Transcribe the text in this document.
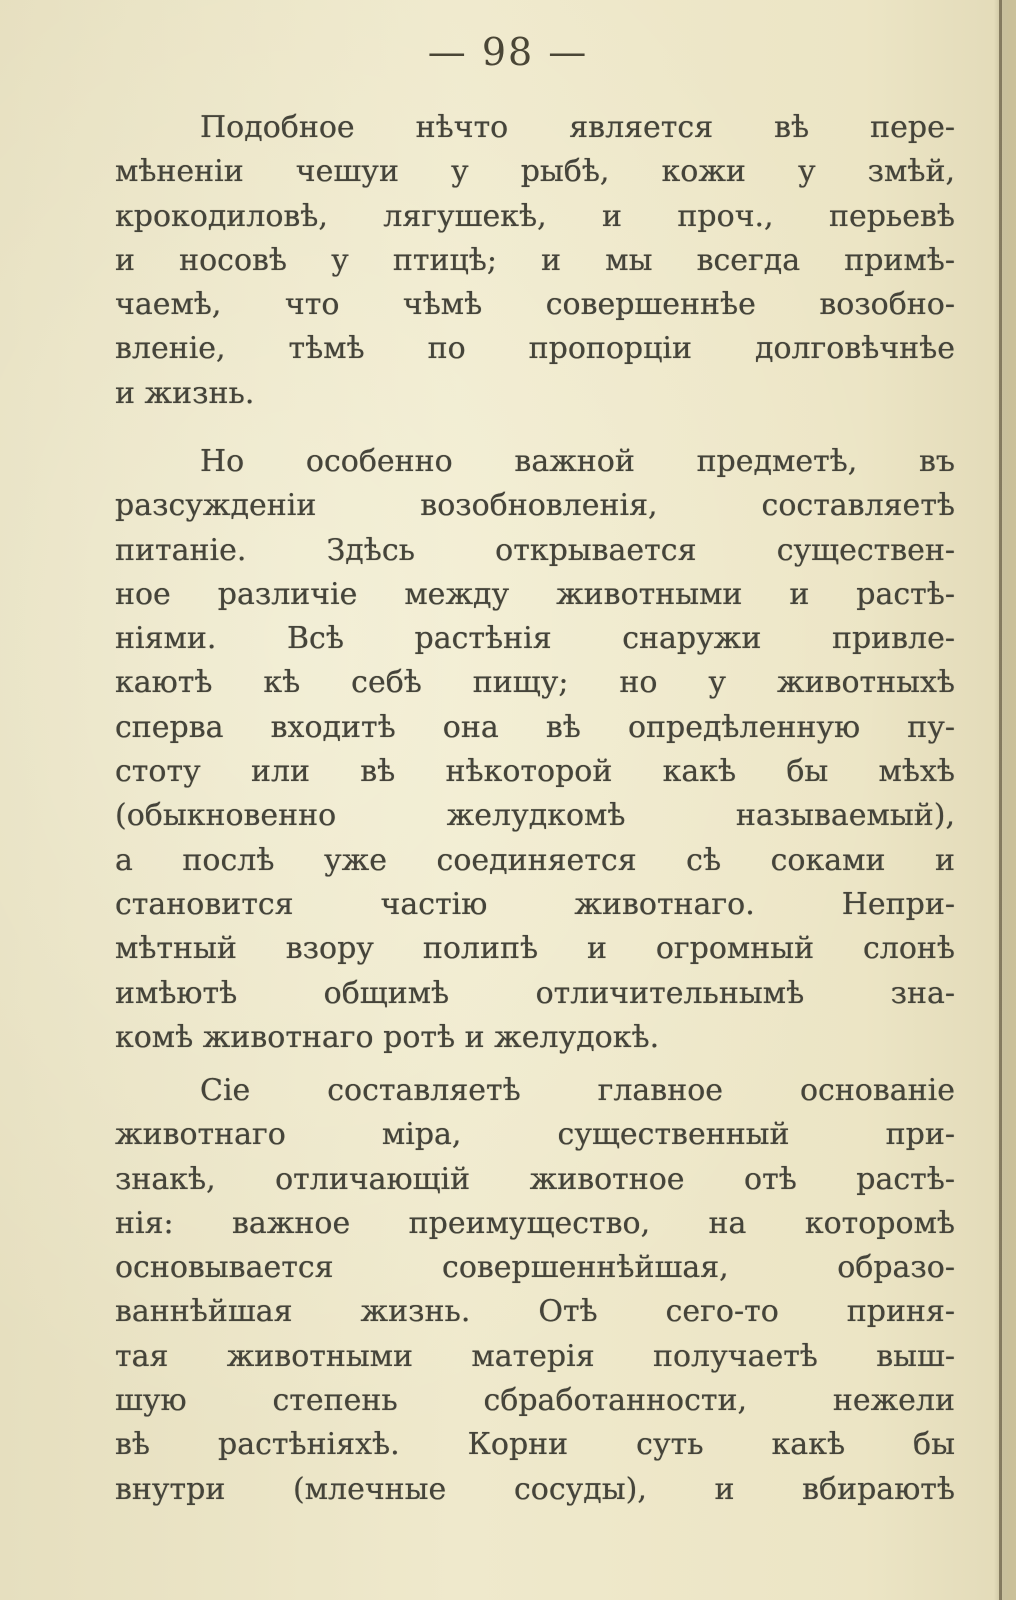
— 98 —
Подобное нѣчто является вѣ пере-
мѣненіи чешуи у рыбѣ, кожи у змѣй,
крокодиловѣ, лягушекѣ, и проч., перьевѣ
и носовѣ у птицѣ; и мы всегда примѣ-
чаемѣ, что чѣмѣ совершеннѣе возобно-
вленіе, тѣмѣ по пропорціи долговѣчнѣе
и жизнь.
Но особенно важной предметѣ, въ
разсужденіи возобновленія, составляетѣ
питаніе. Здѣсь открывается существен-
ное различіе между животными и растѣ-
ніями. Всѣ растѣнія снаружи привле-
каютѣ кѣ себѣ пищу; но у животныхѣ
сперва входитѣ она вѣ опредѣленную пу-
стоту или вѣ нѣкоторой какѣ бы мѣхѣ
(обыкновенно желудкомѣ называемый),
а послѣ уже соединяется сѣ соками и
становится частію животнаго. Непри-
мѣтный взору полипѣ и огромный слонѣ
имѣютѣ общимѣ отличительнымѣ зна-
комѣ животнаго ротѣ и желудокѣ.
Сіе составляетѣ главное основаніе
животнаго міра, существенный при-
знакѣ, отличающій животное отѣ растѣ-
нія: важное преимущество, на которомѣ
основывается совершеннѣйшая, образо-
ваннѣйшая жизнь. Отѣ сего-то приня-
тая животными матерія получаетѣ выш-
шую степень сбработанности, нежели
вѣ растѣніяхѣ. Корни суть какѣ бы
внутри (млечные сосуды), и вбираютѣ
